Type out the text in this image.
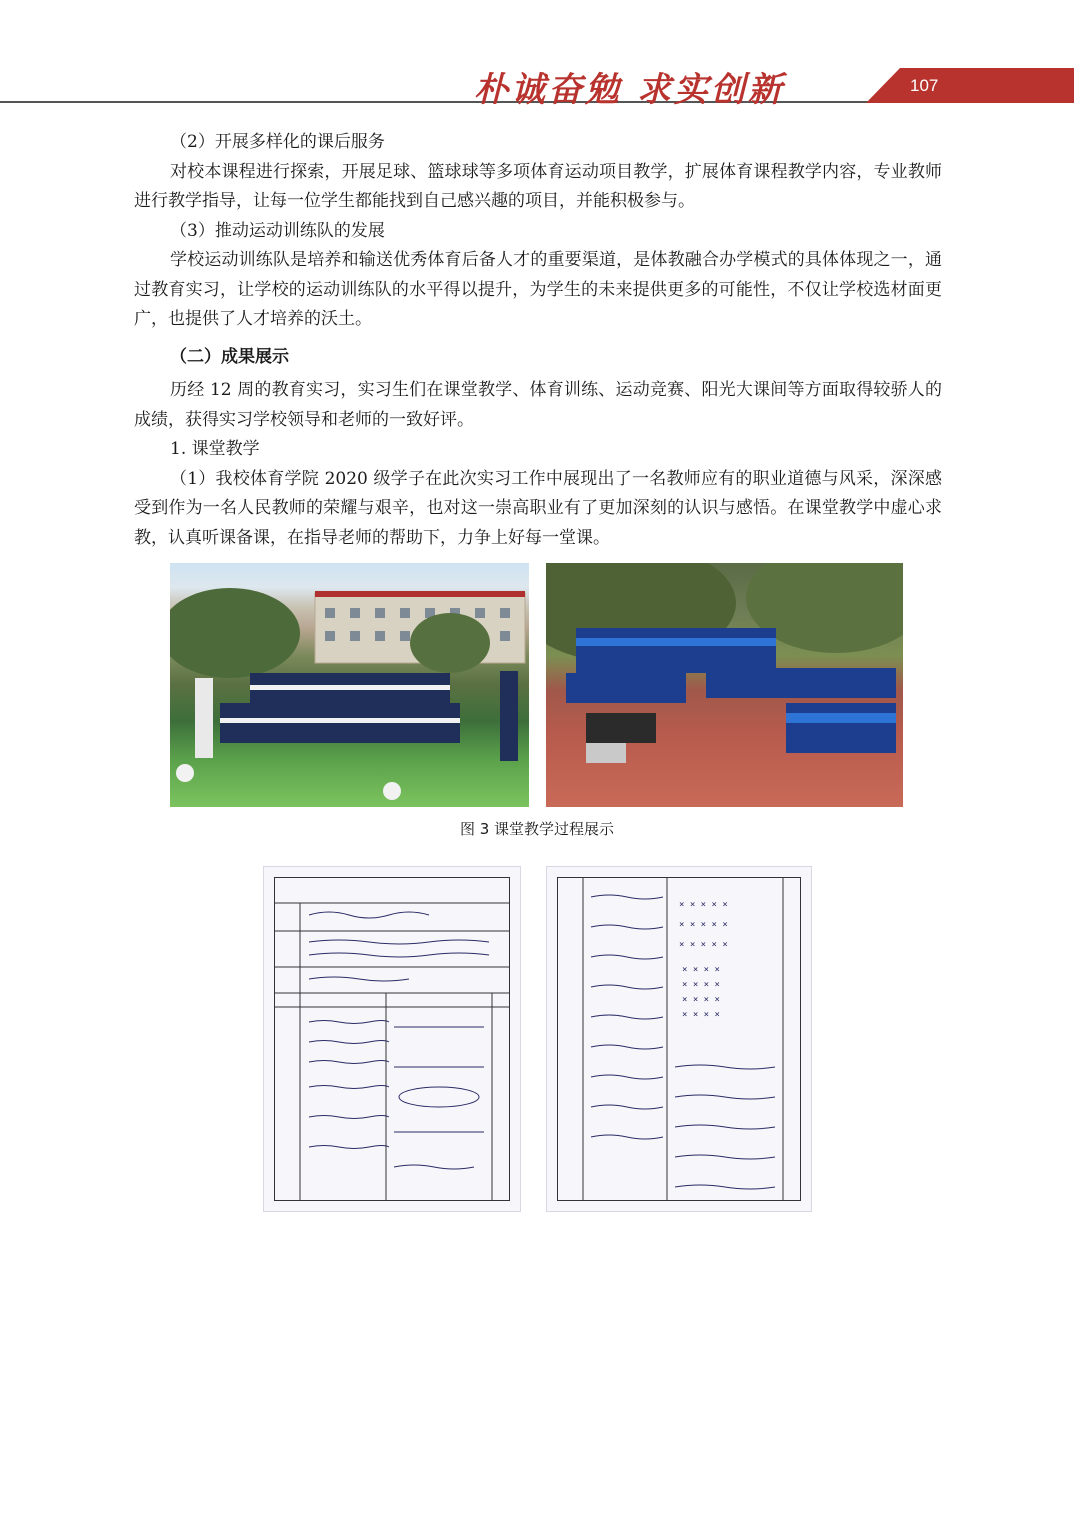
朴诚奋勉 求实创新	107

（2）开展多样化的课后服务

对校本课程进行探索，开展足球、篮球球等多项体育运动项目教学，扩展体育课程教学内容，专业教师进行教学指导，让每一位学生都能找到自己感兴趣的项目，并能积极参与。

（3）推动运动训练队的发展

学校运动训练队是培养和输送优秀体育后备人才的重要渠道，是体教融合办学模式的具体体现之一，通过教育实习，让学校的运动训练队的水平得以提升，为学生的未来提供更多的可能性，不仅让学校选材面更广，也提供了人才培养的沃土。

（二）成果展示

历经 12 周的教育实习，实习生们在课堂教学、体育训练、运动竞赛、阳光大课间等方面取得较骄人的成绩，获得实习学校领导和老师的一致好评。

1. 课堂教学

（1）我校体育学院 2020 级学子在此次实习工作中展现出了一名教师应有的职业道德与风采，深深感受到作为一名人民教师的荣耀与艰辛，也对这一崇高职业有了更加深刻的认识与感悟。在课堂教学中虚心求教，认真听课备课，在指导老师的帮助下，力争上好每一堂课。

图 3 课堂教学过程展示
× × × × ×
× × × × ×
× × × × ×
× × × ×
× × × ×
× × × ×
× × × ×
